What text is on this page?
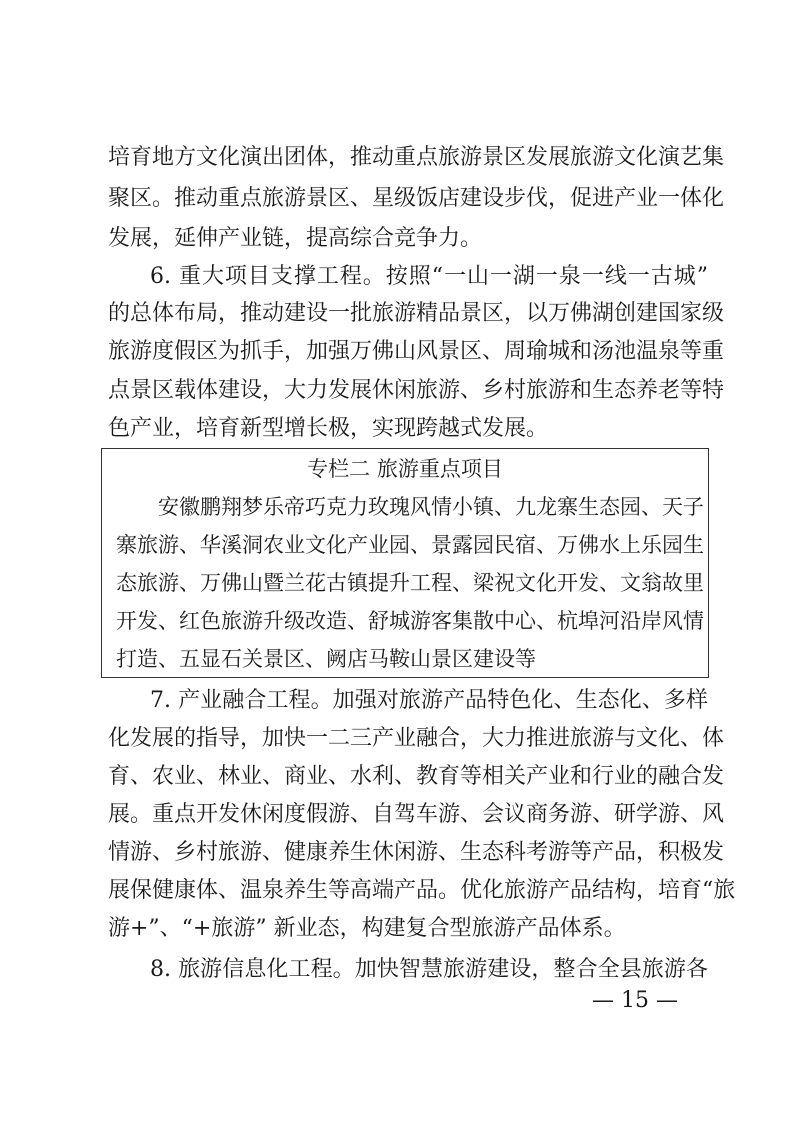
培育地方文化演出团体，推动重点旅游景区发展旅游文化演艺集
聚区。推动重点旅游景区、星级饭店建设步伐，促进产业一体化
发展，延伸产业链，提高综合竞争力。
6. 重大项目支撑工程。按照“一山一湖一泉一线一古城”
的总体布局，推动建设一批旅游精品景区，以万佛湖创建国家级
旅游度假区为抓手，加强万佛山风景区、周瑜城和汤池温泉等重
点景区载体建设，大力发展休闲旅游、乡村旅游和生态养老等特
色产业，培育新型增长极，实现跨越式发展。
专栏二 旅游重点项目
安徽鹏翔梦乐帝巧克力玫瑰风情小镇、九龙寨生态园、天子
寨旅游、华溪洞农业文化产业园、景露园民宿、万佛水上乐园生
态旅游、万佛山暨兰花古镇提升工程、梁祝文化开发、文翁故里
开发、红色旅游升级改造、舒城游客集散中心、杭埠河沿岸风情
打造、五显石关景区、阙店马鞍山景区建设等
7. 产业融合工程。加强对旅游产品特色化、生态化、多样
化发展的指导，加快一二三产业融合，大力推进旅游与文化、体
育、农业、林业、商业、水利、教育等相关产业和行业的融合发
展。重点开发休闲度假游、自驾车游、会议商务游、研学游、风
情游、乡村旅游、健康养生休闲游、生态科考游等产品，积极发
展保健康体、温泉养生等高端产品。优化旅游产品结构，培育“旅
游+”、“+旅游” 新业态，构建复合型旅游产品体系。
8. 旅游信息化工程。加快智慧旅游建设，整合全县旅游各
— 15 —
